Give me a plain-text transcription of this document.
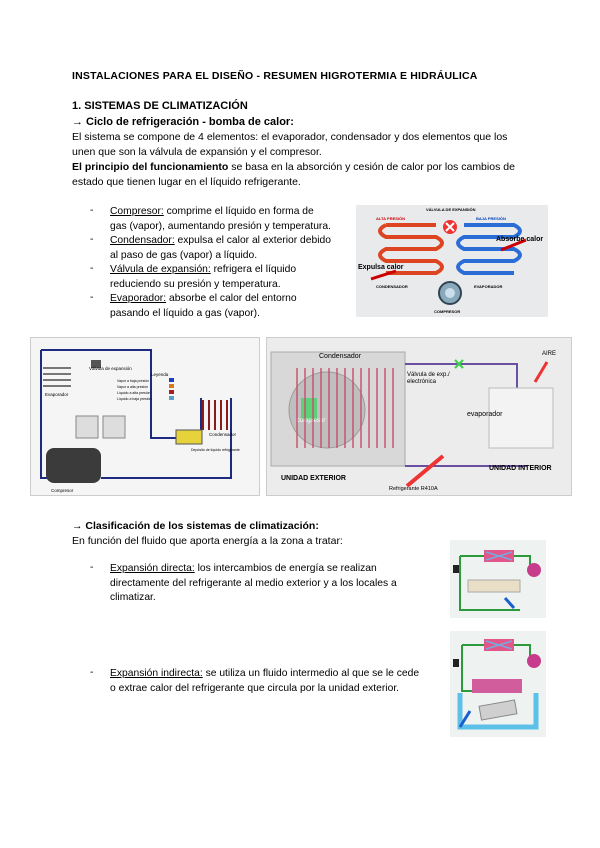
INSTALACIONES PARA EL DISEÑO - RESUMEN HIGROTERMIA E HIDRÁULICA
1. SISTEMAS DE CLIMATIZACIÓN
→ Ciclo de refrigeración - bomba de calor:
El sistema se compone de 4 elementos: el evaporador, condensador y dos elementos que los unen que son la válvula de expansión y el compresor.
El principio del funcionamiento se basa en la absorción y cesión de calor por los cambios de estado que tienen lugar en el líquido refrigerante.
- Compresor: comprime el líquido en forma de
gas (vapor), aumentando presión y temperatura.
- Condensador: expulsa el calor al exterior debido
al paso de gas (vapor) a líquido.
- Válvula de expansión: refrigera el líquido
reduciendo su presión y temperatura.
- Evaporador: absorbe el calor del entorno
pasando el líquido a gas (vapor).
VÁLVULA DE EXPANSIÓN
ALTA PRESIÓN	BAJA PRESIÓN
Absorbe calor
Expulsa calor
CONDENSADOR	EVAPORADOR
COMPRESOR
Evaporador
Válvula de expansión
Leyenda
Vapor a baja presión
Vapor a alta presión
Líquido a alta presión
Líquido a baja presión
Condensador
Depósito de líquido refrigerante
Compresor
compresor
Condensador
Válvula de exp./
electrónica
evaporador
AIRE
UNIDAD EXTERIOR
UNIDAD INTERIOR
Refrigerante R410A
→ Clasificación de los sistemas de climatización:
En función del fluido que aporta energía a la zona a tratar:
- Expansión directa: los intercambios de energía se realizan
directamente del refrigerante al medio exterior y a los locales a
climatizar.
- Expansión indirecta: se utiliza un fluido intermedio al que se le cede
o extrae calor del refrigerante que circula por la unidad exterior.
